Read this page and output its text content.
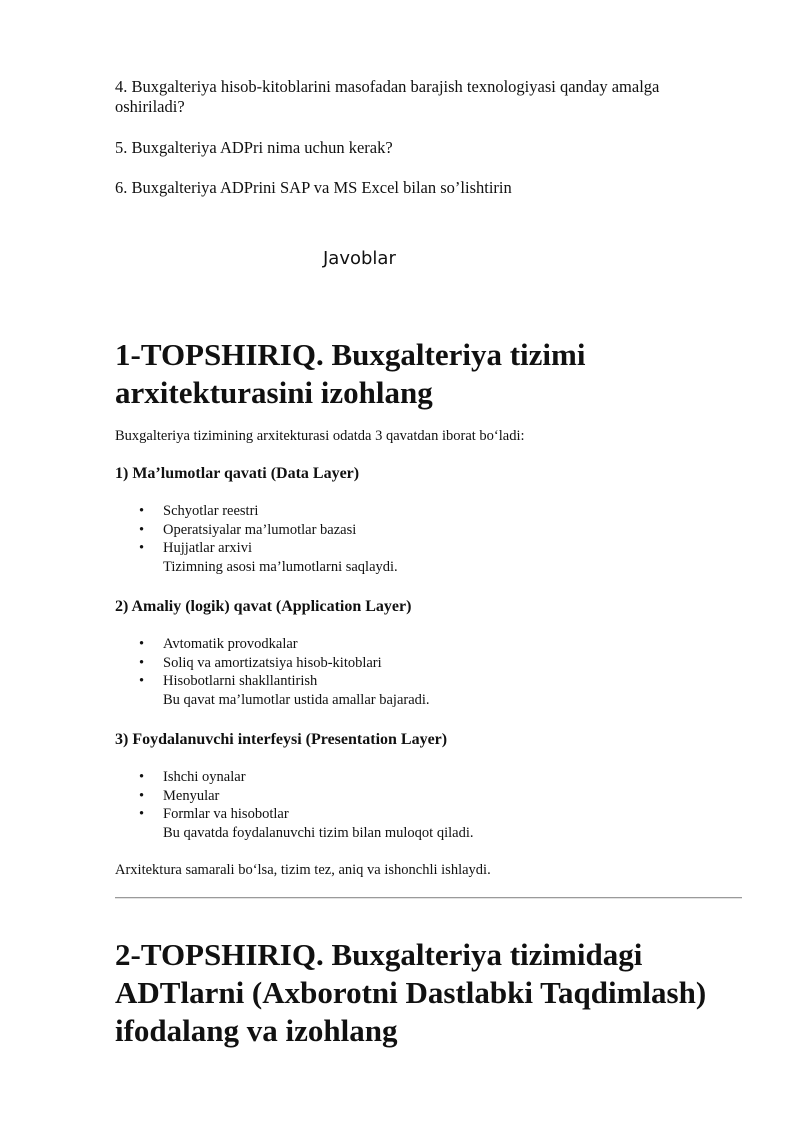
4. Buxgalteriya hisob-kitoblarini masofadan barajish texnologiyasi qanday amalga
oshiriladi?
5. Buxgalteriya ADPri nima uchun kerak?
6. Buxgalteriya ADPrini SAP va MS Excel bilan so’lishtirin
Javoblar
1-TOPSHIRIQ. Buxgalteriya tizimi
arxitekturasini izohlang
Buxgalteriya tizimining arxitekturasi odatda 3 qavatdan iborat bo‘ladi:
1) Ma’lumotlar qavati (Data Layer)
• Schyotlar reestri
• Operatsiyalar ma’lumotlar bazasi
• Hujjatlar arxivi
Tizimning asosi ma’lumotlarni saqlaydi.
2) Amaliy (logik) qavat (Application Layer)
• Avtomatik provodkalar
• Soliq va amortizatsiya hisob-kitoblari
• Hisobotlarni shakllantirish
Bu qavat ma’lumotlar ustida amallar bajaradi.
3) Foydalanuvchi interfeysi (Presentation Layer)
• Ishchi oynalar
• Menyular
• Formlar va hisobotlar
Bu qavatda foydalanuvchi tizim bilan muloqot qiladi.
Arxitektura samarali bo‘lsa, tizim tez, aniq va ishonchli ishlaydi.
2-TOPSHIRIQ. Buxgalteriya tizimidagi
ADTlarni (Axborotni Dastlabki Taqdimlash)
ifodalang va izohlang
